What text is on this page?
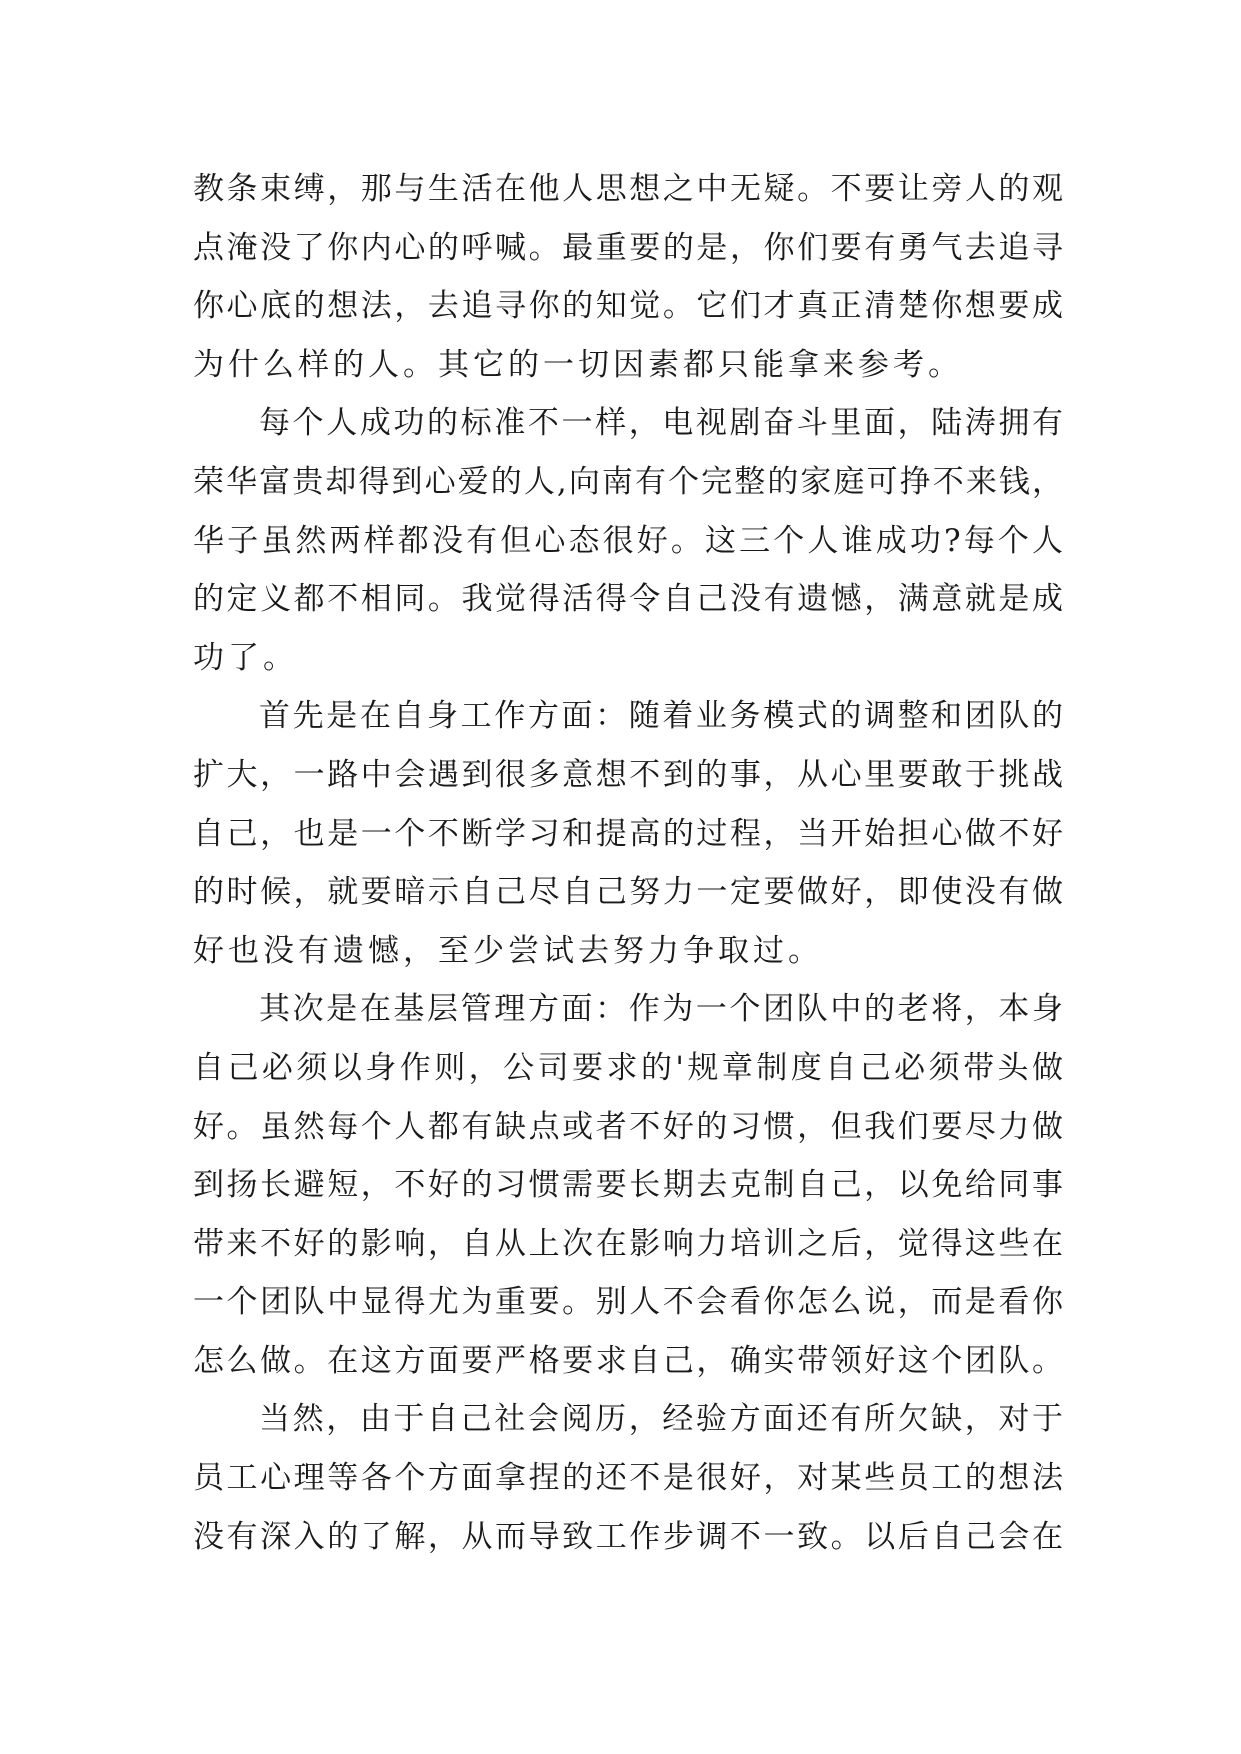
教条束缚，那与生活在他人思想之中无疑。不要让旁人的观
点淹没了你内心的呼喊。最重要的是，你们要有勇气去追寻
你心底的想法，去追寻你的知觉。它们才真正清楚你想要成
为什么样的人。其它的一切因素都只能拿来参考。
每个人成功的标准不一样，电视剧奋斗里面，陆涛拥有
荣华富贵却得到心爱的人,向南有个完整的家庭可挣不来钱，
华子虽然两样都没有但心态很好。这三个人谁成功?每个人
的定义都不相同。我觉得活得令自己没有遗憾，满意就是成
功了。
首先是在自身工作方面：随着业务模式的调整和团队的
扩大，一路中会遇到很多意想不到的事，从心里要敢于挑战
自己，也是一个不断学习和提高的过程，当开始担心做不好
的时候，就要暗示自己尽自己努力一定要做好，即使没有做
好也没有遗憾，至少尝试去努力争取过。
其次是在基层管理方面：作为一个团队中的老将，本身
自己必须以身作则，公司要求的'规章制度自己必须带头做
好。虽然每个人都有缺点或者不好的习惯，但我们要尽力做
到扬长避短，不好的习惯需要长期去克制自己，以免给同事
带来不好的影响，自从上次在影响力培训之后，觉得这些在
一个团队中显得尤为重要。别人不会看你怎么说，而是看你
怎么做。在这方面要严格要求自己，确实带领好这个团队。
当然，由于自己社会阅历，经验方面还有所欠缺，对于
员工心理等各个方面拿捏的还不是很好，对某些员工的想法
没有深入的了解，从而导致工作步调不一致。以后自己会在
